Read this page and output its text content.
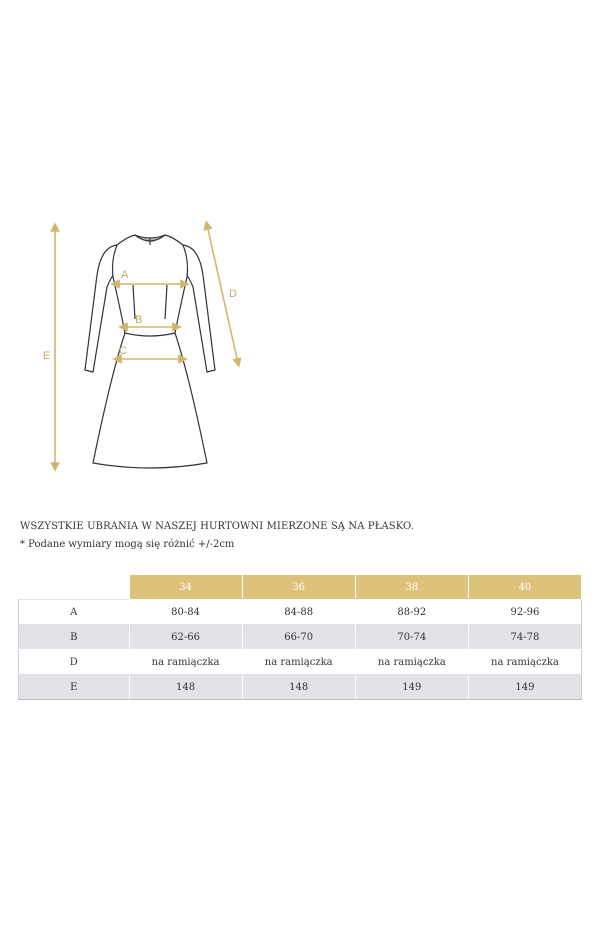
A
B
C
D
E
WSZYSTKIE UBRANIA W NASZEJ HURTOWNI MIERZONE SĄ NA PŁASKO.
* Podane wymiary mogą się różnić +/-2cm
	34	36	38	40
A	80-84	84-88	88-92	92-96
B	62-66	66-70	70-74	74-78
D	na ramiączka	na ramiączka	na ramiączka	na ramiączka
E	148	148	149	149
